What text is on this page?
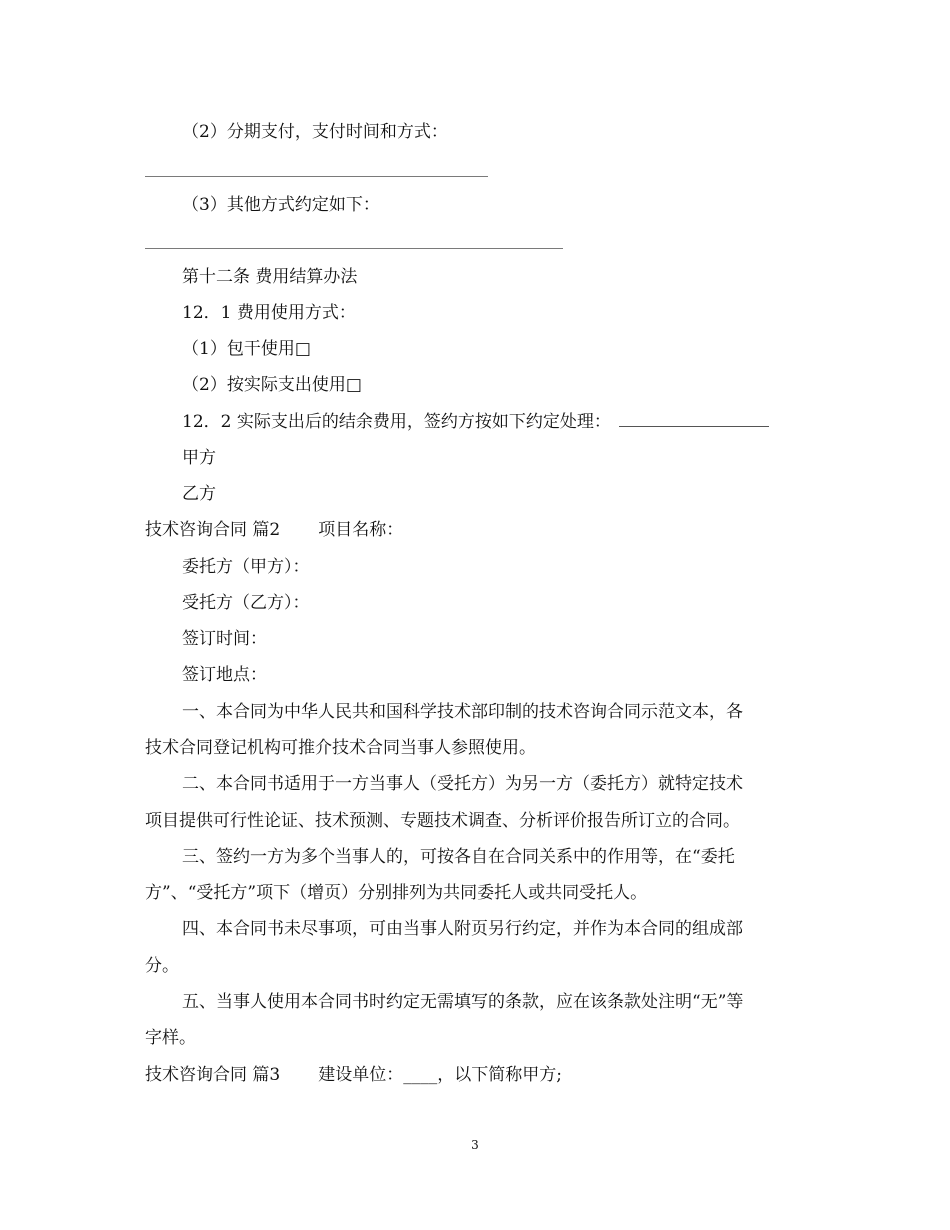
（2）分期支付，支付时间和方式：
（3）其他方式约定如下：
第十二条 费用结算办法
12．1 费用使用方式：
（1）包干使用□
（2）按实际支出使用□
12．2 实际支出后的结余费用，签约方按如下约定处理：
甲方
乙方
技术咨询合同 篇2 项目名称：
委托方（甲方）：
受托方（乙方）：
签订时间：
签订地点：
一、本合同为中华人民共和国科学技术部印制的技术咨询合同示范文本，各
技术合同登记机构可推介技术合同当事人参照使用。
二、本合同书适用于一方当事人（受托方）为另一方（委托方）就特定技术
项目提供可行性论证、技术预测、专题技术调查、分析评价报告所订立的合同。
三、签约一方为多个当事人的，可按各自在合同关系中的作用等，在“委托
方”、“受托方”项下（增页）分别排列为共同委托人或共同受托人。
四、本合同书未尽事项，可由当事人附页另行约定，并作为本合同的组成部
分。
五、当事人使用本合同书时约定无需填写的条款，应在该条款处注明“无”等
字样。
技术咨询合同 篇3 建设单位：____，以下简称甲方;
3
